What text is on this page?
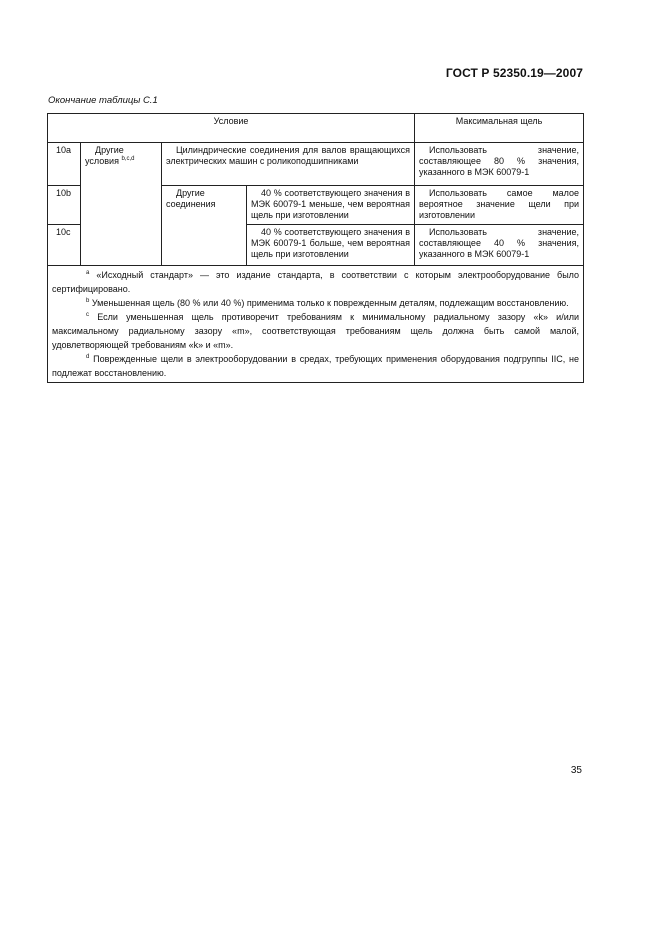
ГОСТ Р 52350.19—2007
Окончание таблицы С.1
Условие				Максимальная щель
10a	Другие условия $^{b,c,d}$	Цилиндрические соединения для валов вращающихся электрических машин с роликоподшипниками		Использовать значение, составляющее 80 % значения, указанного в МЭК 60079-1
10b		Другие соединения	40 % соответствующего значения в МЭК 60079-1 меньше, чем вероятная щель при изготовлении	Использовать самое малое вероятное значение щели при изготовлении
10c			40 % соответствующего значения в МЭК 60079-1 больше, чем вероятная щель при изготовлении	Использовать значение, составляющее 40 % значения, указанного в МЭК 60079-1

$^a$ «Исходный стандарт» — это издание стандарта, в соответствии с которым электрооборудование было сертифицировано.

$^b$ Уменьшенная щель (80 % или 40 %) применима только к поврежденным деталям, подлежащим восстановлению.

$^c$ Если уменьшенная щель противоречит требованиям к минимальному радиальному зазору «k» и/или максимальному радиальному зазору «m», соответствующая требованиям щель должна быть самой малой, удовлетворяющей требованиям «k» и «m».

$^d$ Поврежденные щели в электрооборудовании в средах, требующих применения оборудования подгруппы IIC, не подлежат восстановлению.				

35
